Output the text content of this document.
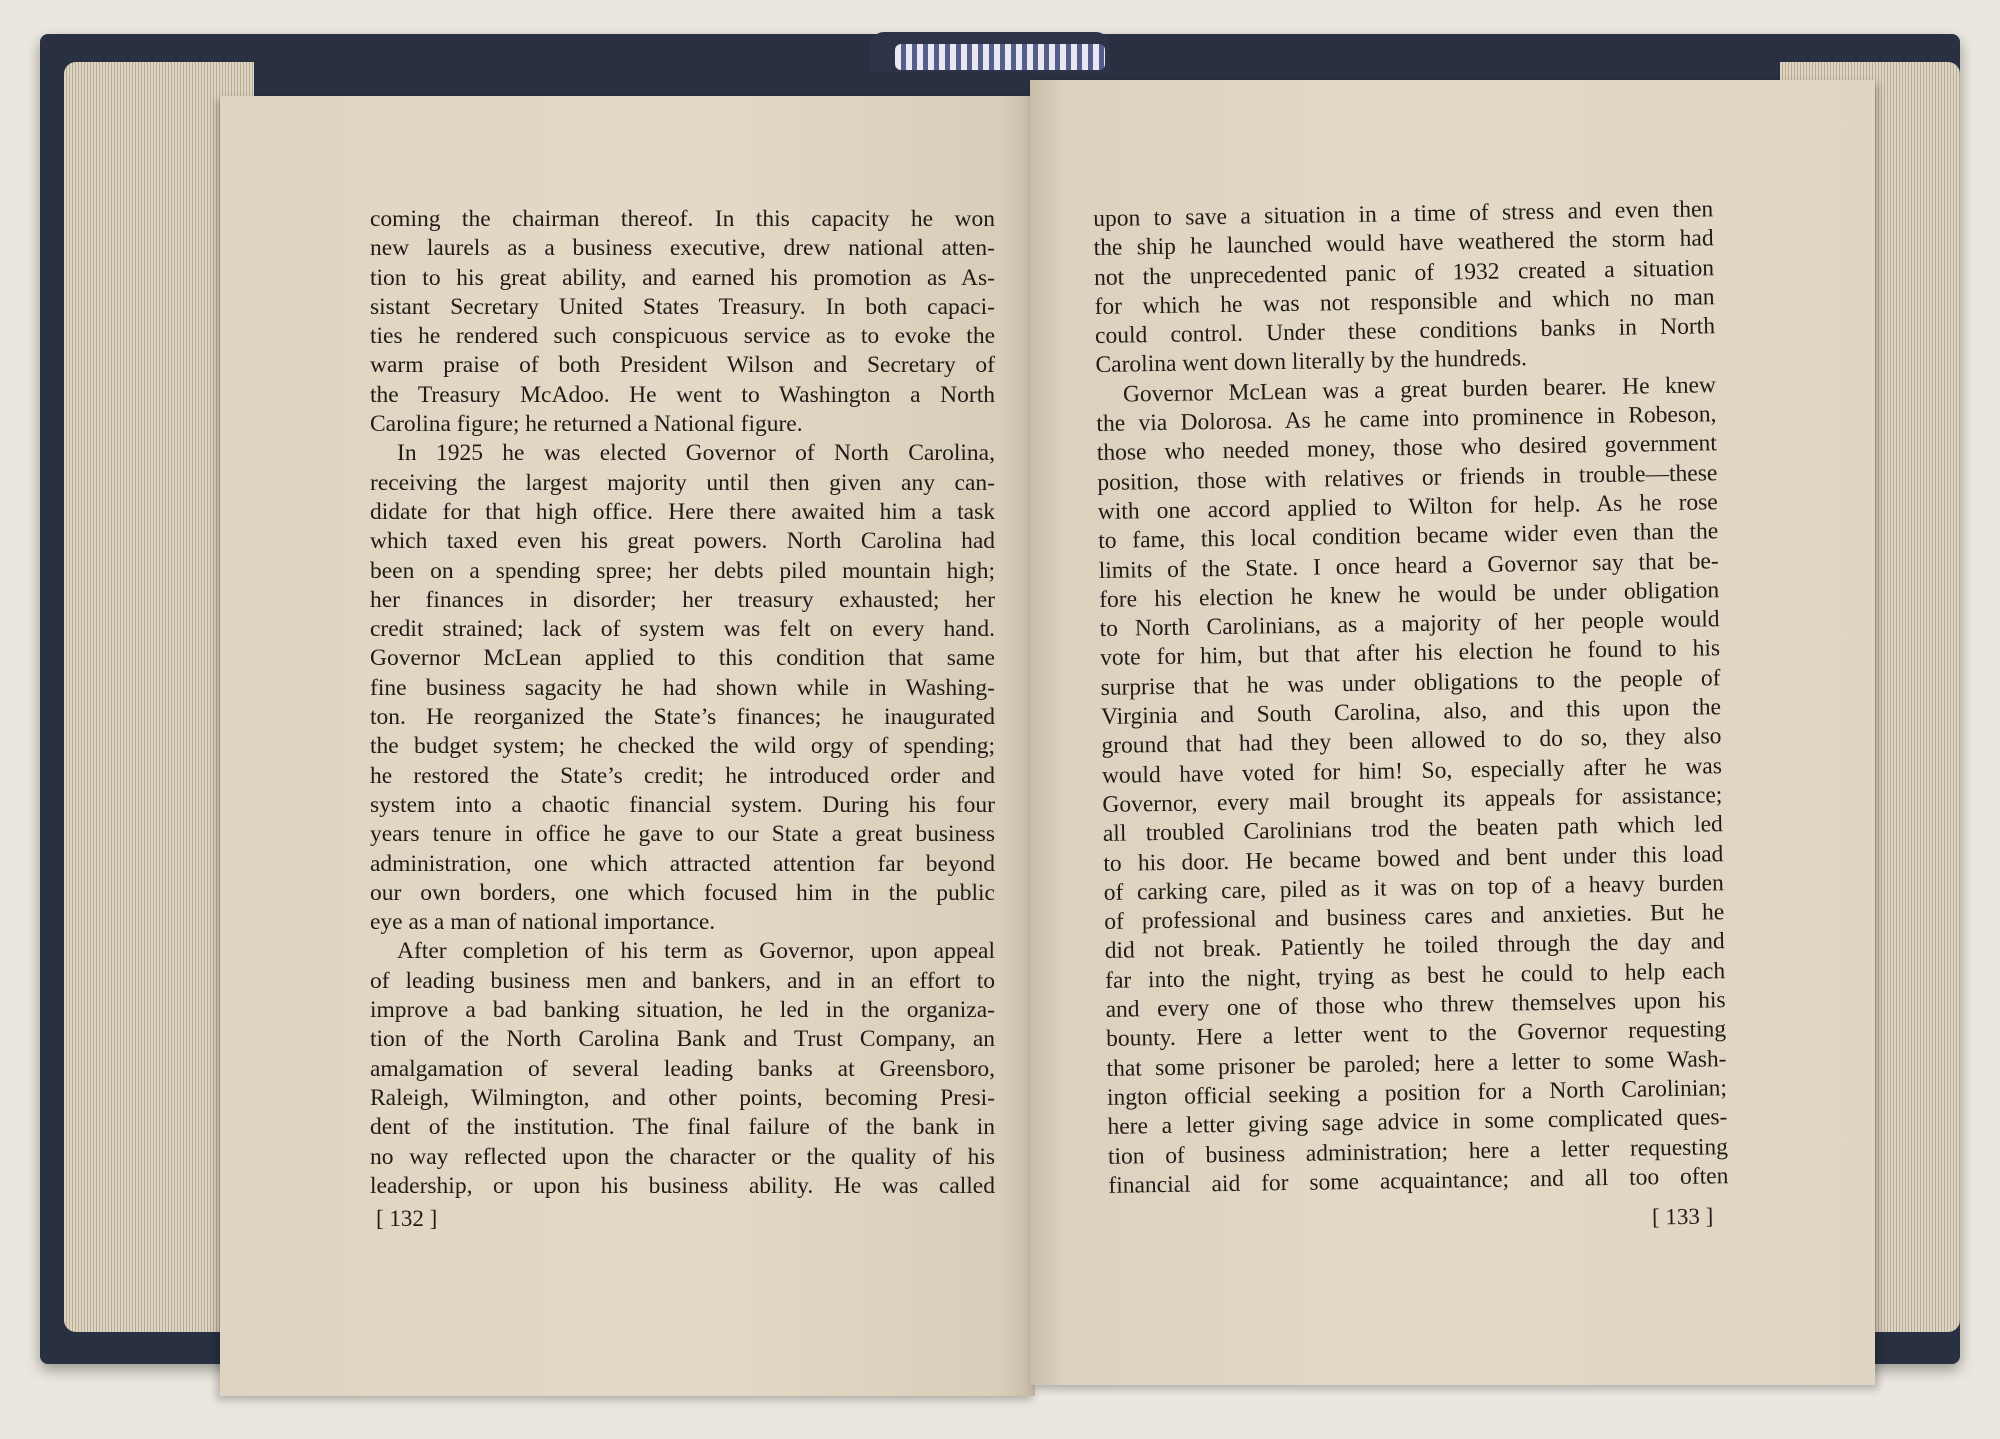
coming the chairman thereof. In this capacity he won
new laurels as a business executive, drew national atten-
tion to his great ability, and earned his promotion as As-
sistant Secretary United States Treasury. In both capaci-
ties he rendered such conspicuous service as to evoke the
warm praise of both President Wilson and Secretary of
the Treasury McAdoo. He went to Washington a North
Carolina figure; he returned a National figure.
In 1925 he was elected Governor of North Carolina,
receiving the largest majority until then given any can-
didate for that high office. Here there awaited him a task
which taxed even his great powers. North Carolina had
been on a spending spree; her debts piled mountain high;
her finances in disorder; her treasury exhausted; her
credit strained; lack of system was felt on every hand.
Governor McLean applied to this condition that same
fine business sagacity he had shown while in Washing-
ton. He reorganized the State’s finances; he inaugurated
the budget system; he checked the wild orgy of spending;
he restored the State’s credit; he introduced order and
system into a chaotic financial system. During his four
years tenure in office he gave to our State a great business
administration, one which attracted attention far beyond
our own borders, one which focused him in the public
eye as a man of national importance.
After completion of his term as Governor, upon appeal
of leading business men and bankers, and in an effort to
improve a bad banking situation, he led in the organiza-
tion of the North Carolina Bank and Trust Company, an
amalgamation of several leading banks at Greensboro,
Raleigh, Wilmington, and other points, becoming Presi-
dent of the institution. The final failure of the bank in
no way reflected upon the character or the quality of his
leadership, or upon his business ability. He was called
[ 132 ]
upon to save a situation in a time of stress and even then
the ship he launched would have weathered the storm had
not the unprecedented panic of 1932 created a situation
for which he was not responsible and which no man
could control. Under these conditions banks in North
Carolina went down literally by the hundreds.
Governor McLean was a great burden bearer. He knew
the via Dolorosa. As he came into prominence in Robeson,
those who needed money, those who desired government
position, those with relatives or friends in trouble—these
with one accord applied to Wilton for help. As he rose
to fame, this local condition became wider even than the
limits of the State. I once heard a Governor say that be-
fore his election he knew he would be under obligation
to North Carolinians, as a majority of her people would
vote for him, but that after his election he found to his
surprise that he was under obligations to the people of
Virginia and South Carolina, also, and this upon the
ground that had they been allowed to do so, they also
would have voted for him! So, especially after he was
Governor, every mail brought its appeals for assistance;
all troubled Carolinians trod the beaten path which led
to his door. He became bowed and bent under this load
of carking care, piled as it was on top of a heavy burden
of professional and business cares and anxieties. But he
did not break. Patiently he toiled through the day and
far into the night, trying as best he could to help each
and every one of those who threw themselves upon his
bounty. Here a letter went to the Governor requesting
that some prisoner be paroled; here a letter to some Wash-
ington official seeking a position for a North Carolinian;
here a letter giving sage advice in some complicated ques-
tion of business administration; here a letter requesting
financial aid for some acquaintance; and all too often
[ 133 ]
